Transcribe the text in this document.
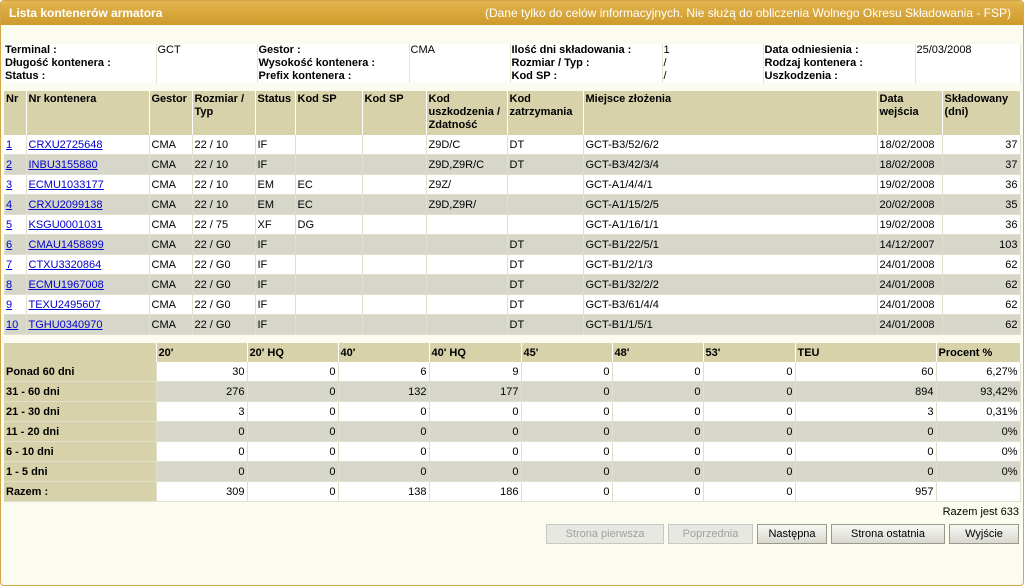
Lista kontenerów armatora	(Dane tylko do celów informacyjnych. Nie służą do obliczenia Wolnego Okresu Składowania - FSP)
Terminal :	GCT	Gestor :	CMA	Ilość dni składowania :	1	Data odniesienia :	25/03/2008
Długość kontenera :		Wysokość kontenera :		Rozmiar / Typ :	/	Rodzaj kontenera :	
Status :		Prefix kontenera :		Kod SP :	/	Uszkodzenia :	
Nr	Nr kontenera	Gestor	Rozmiar / Typ	Status	Kod SP	Kod SP	Kod uszkodzenia / Zdatność	Kod zatrzymania	Miejsce złożenia	Data wejścia	Składowany (dni)
1	CRXU2725648	CMA	22 / 10	IF			Z9D/C	DT	GCT-B3/52/6/2	18/02/2008	37
2	INBU3155880	CMA	22 / 10	IF			Z9D,Z9R/C	DT	GCT-B3/42/3/4	18/02/2008	37
3	ECMU1033177	CMA	22 / 10	EM	EC		Z9Z/		GCT-A1/4/4/1	19/02/2008	36
4	CRXU2099138	CMA	22 / 10	EM	EC		Z9D,Z9R/		GCT-A1/15/2/5	20/02/2008	35
5	KSGU0001031	CMA	22 / 75	XF	DG				GCT-A1/16/1/1	19/02/2008	36
6	CMAU1458899	CMA	22 / G0	IF				DT	GCT-B1/22/5/1	14/12/2007	103
7	CTXU3320864	CMA	22 / G0	IF				DT	GCT-B1/2/1/3	24/01/2008	62
8	ECMU1967008	CMA	22 / G0	IF				DT	GCT-B1/32/2/2	24/01/2008	62
9	TEXU2495607	CMA	22 / G0	IF				DT	GCT-B3/61/4/4	24/01/2008	62
10	TGHU0340970	CMA	22 / G0	IF				DT	GCT-B1/1/5/1	24/01/2008	62
	20'	20' HQ	40'	40' HQ	45'	48'	53'	TEU	Procent %
Ponad 60 dni	30	0	6	9	0	0	0	60	6,27%
31 - 60 dni	276	0	132	177	0	0	0	894	93,42%
21 - 30 dni	3	0	0	0	0	0	0	3	0,31%
11 - 20 dni	0	0	0	0	0	0	0	0	0%
6 - 10 dni	0	0	0	0	0	0	0	0	0%
1 - 5 dni	0	0	0	0	0	0	0	0	0%
Razem :	309	0	138	186	0	0	0	957	
Razem jest 633
Strona pierwsza	Poprzednia	Następna	Strona ostatnia	Wyjście
